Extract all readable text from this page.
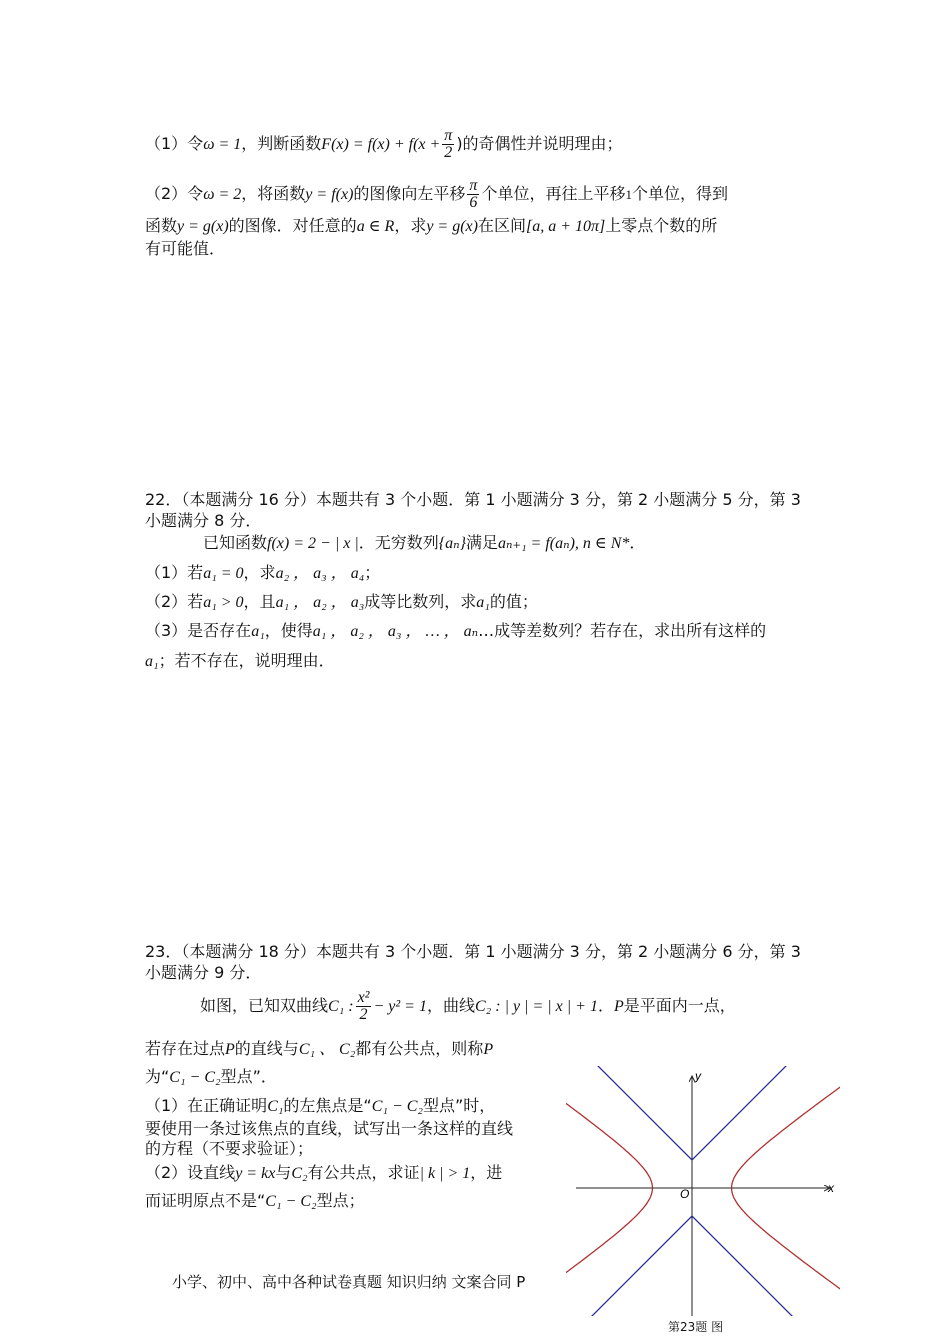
（1）令ω = 1，判断函数$F(x) = f(x) + f(x + \frac{\pi}{2}$ )的奇偶性并说明理由；
（2）令ω = 2，将函数y = f(x)的图像向左平移 $\frac{\pi}{6}$ 个单位，再往上平移1个单位，得到
函数y = g(x)的图像．对任意的a ∈ R，求y = g(x)在区间[a, a + 10π]上零点个数的所
有可能值．
22．（本题满分 16 分）本题共有 3 个小题．第 1 小题满分 3 分，第 2 小题满分 5 分，第 3
小题满分 8 分．
已知函数f(x) = 2 − | x |．无穷数列{aₙ}满足aₙ₊₁ = f(aₙ), n ∈ N*．
（1）若a₁ = 0，求a₂ ， a₃ ， a₄；
（2）若a₁ > 0，且a₁ ， a₂ ， a₃成等比数列，求a₁的值；
（3）是否存在a₁，使得a₁ ， a₂ ， a₃ ， … ， aₙ…成等差数列？若存在，求出所有这样的
a₁；若不存在，说明理由．
23．（本题满分 18 分）本题共有 3 个小题．第 1 小题满分 3 分，第 2 小题满分 6 分，第 3
小题满分 9 分．
如图，已知双曲线C₁ : $\frac{\text{x²}}{2} - y^2 = 1$，曲线C₂ : | y | = | x | + 1．P是平面内一点，
若存在过点P的直线与C₁ 、 C₂都有公共点，则称P
为“C₁ − C₂型点”．
（1）在正确证明C₁的左焦点是“C₁ − C₂型点”时，
要使用一条过该焦点的直线，试写出一条这样的直线
的方程（不要求验证）；
（2）设直线y = kx与C₂有公共点，求证| k | > 1，进
而证明原点不是“C₁ − C₂型点；
y
x
O
第23题 图
小学、初中、高中各种试卷真题 知识归纳 文案合同 P
